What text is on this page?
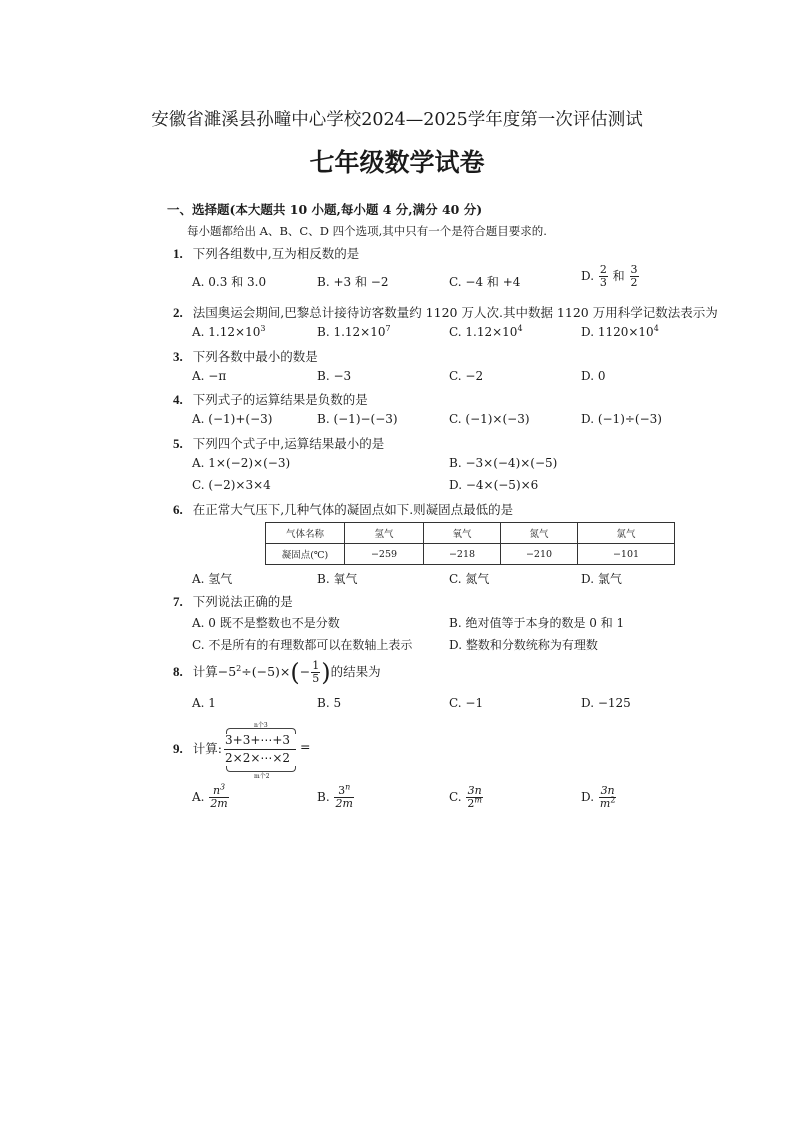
安徽省濉溪县孙疃中心学校2024—2025学年度第一次评估测试
七年级数学试卷
一、选择题(本大题共 10 小题,每小题 4 分,满分 40 分)
每小题都给出 A、B、C、D 四个选项,其中只有一个是符合题目要求的.
1. 下列各组数中,互为相反数的是
A. 0.3 和 3.0	B. +3 和 −2	C. −4 和 +4	D. $\frac{2}{3}$ 和 $\frac{3}{2}$
2. 法国奥运会期间,巴黎总计接待访客数量约 1120 万人次.其中数据 1120 万用科学记数法表示为
A. $1.12\times 10^3$	B. $1.12\times 10^7$	C. $1.12\times 10^4$	D. $1120\times 10^4$
3. 下列各数中最小的数是
A. −π	B. −3	C. −2	D. 0
4. 下列式子的运算结果是负数的是
A. (−1)+(−3)	B. (−1)−(−3)	C. (−1)×(−3)	D. (−1)÷(−3)
5. 下列四个式子中,运算结果最小的是
A. 1×(−2)×(−3)	B. −3×(−4)×(−5)
C. (−2)×3×4	D. −4×(−5)×6
6. 在正常大气压下,几种气体的凝固点如下.则凝固点最低的是
气体名称	氢气	氧气	氮气	氯气
凝固点(℃)	−259	−218	−210	−101
A. 氢气	B. 氧气	C. 氮气	D. 氯气
7. 下列说法正确的是
A. 0 既不是整数也不是分数	B. 绝对值等于本身的数是 0 和 1
C. 不是所有的有理数都可以在数轴上表示	D. 整数和分数统称为有理数
8. 计算$-5^2\div(-5)\times(- \frac{1}{5}$ )的结果为
A. 1	B. 5	C. −1	D. −125
9. 计算:
n个3
3+3+⋯+3
2×2×⋯×2
m个2
=
A. $\frac{n^3}{2m}$	B. $\frac{3^n}{2m}$	C. $\frac{3n}{2^m}$	D. $\frac{3n}{m^2}$
